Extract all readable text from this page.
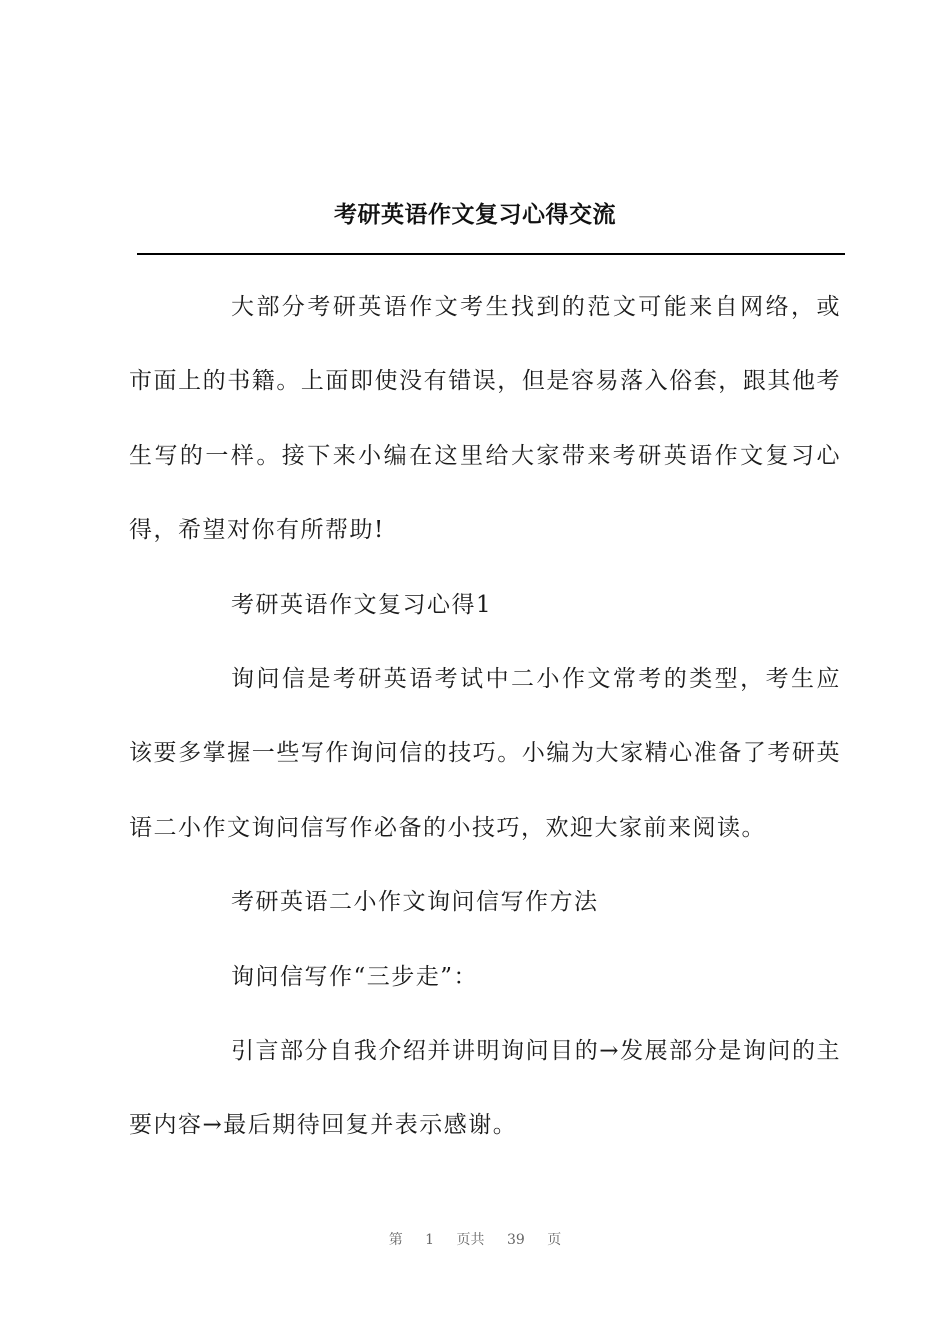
考研英语作文复习心得交流

大部分考研英语作文考生找到的范文可能来自网络，或市面上的书籍。上面即使没有错误，但是容易落入俗套，跟其他考生写的一样。接下来小编在这里给大家带来考研英语作文复习心得，希望对你有所帮助!

考研英语作文复习心得1

询问信是考研英语考试中二小作文常考的类型，考生应该要多掌握一些写作询问信的技巧。小编为大家精心准备了考研英语二小作文询问信写作必备的小技巧，欢迎大家前来阅读。

考研英语二小作文询问信写作方法

询问信写作“三步走”：

引言部分自我介绍并讲明询问目的→发展部分是询问的主要内容→最后期待回复并表示感谢。

第 1 页共 39 页
